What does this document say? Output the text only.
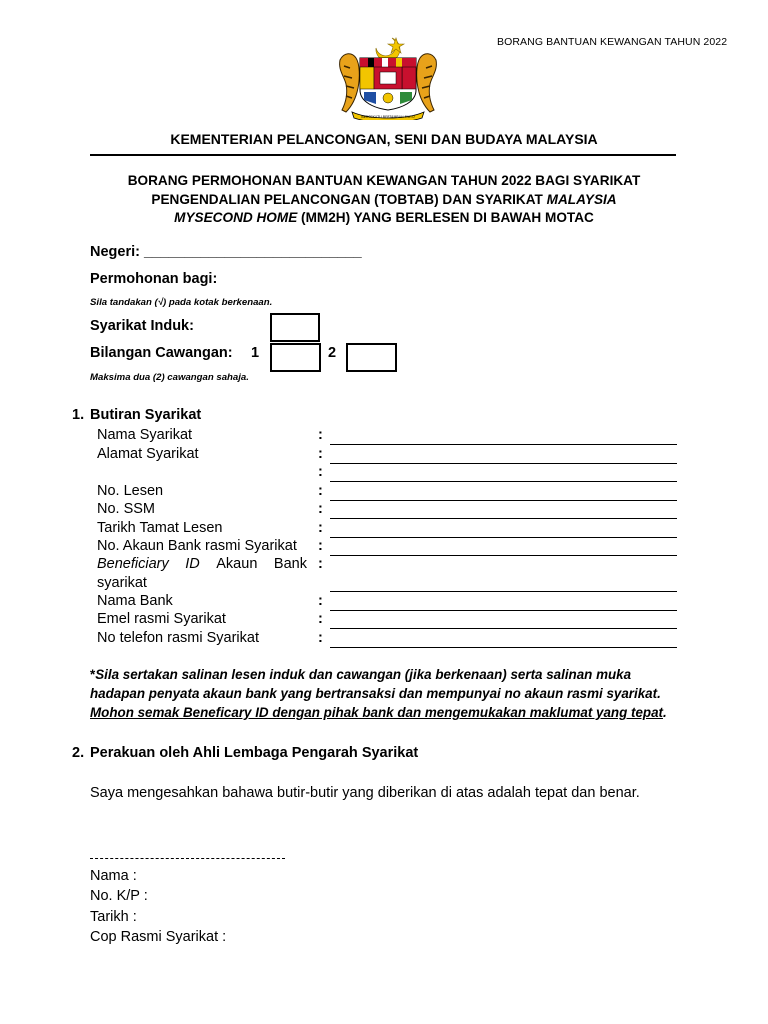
BORANG BANTUAN KEWANGAN TAHUN 2022
BERSEKUTU BERTAMBAH MUTU
KEMENTERIAN PELANCONGAN, SENI DAN BUDAYA MALAYSIA
BORANG PERMOHONAN BANTUAN KEWANGAN TAHUN 2022 BAGI SYARIKAT
PENGENDALIAN PELANCONGAN (TOBTAB) DAN SYARIKAT MALAYSIA
MYSECOND HOME (MM2H) YANG BERLESEN DI BAWAH MOTAC
Negeri: ___________________________
Permohonan bagi:
Sila tandakan (√) pada kotak berkenaan.
Syarikat Induk:
Bilangan Cawangan: 1	2
Maksima dua (2) cawangan sahaja.
1. Butiran Syarikat
Nama Syarikat	:
Alamat Syarikat	:
:
No. Lesen	:
No. SSM	:
Tarikh Tamat Lesen	:
No. Akaun Bank rasmi Syarikat :
Beneficiary ID Akaun Bank :
syarikat
Nama Bank	:
Emel rasmi Syarikat	:
No telefon rasmi Syarikat	:
*Sila sertakan salinan lesen induk dan cawangan (jika berkenaan) serta salinan muka
hadapan penyata akaun bank yang bertransaksi dan mempunyai no akaun rasmi syarikat.
Mohon semak Beneficary ID dengan pihak bank dan mengemukakan maklumat yang tepat.
2. Perakuan oleh Ahli Lembaga Pengarah Syarikat
Saya mengesahkan bahawa butir-butir yang diberikan di atas adalah tepat dan benar.
Nama :
No. K/P :
Tarikh :
Cop Rasmi Syarikat :
